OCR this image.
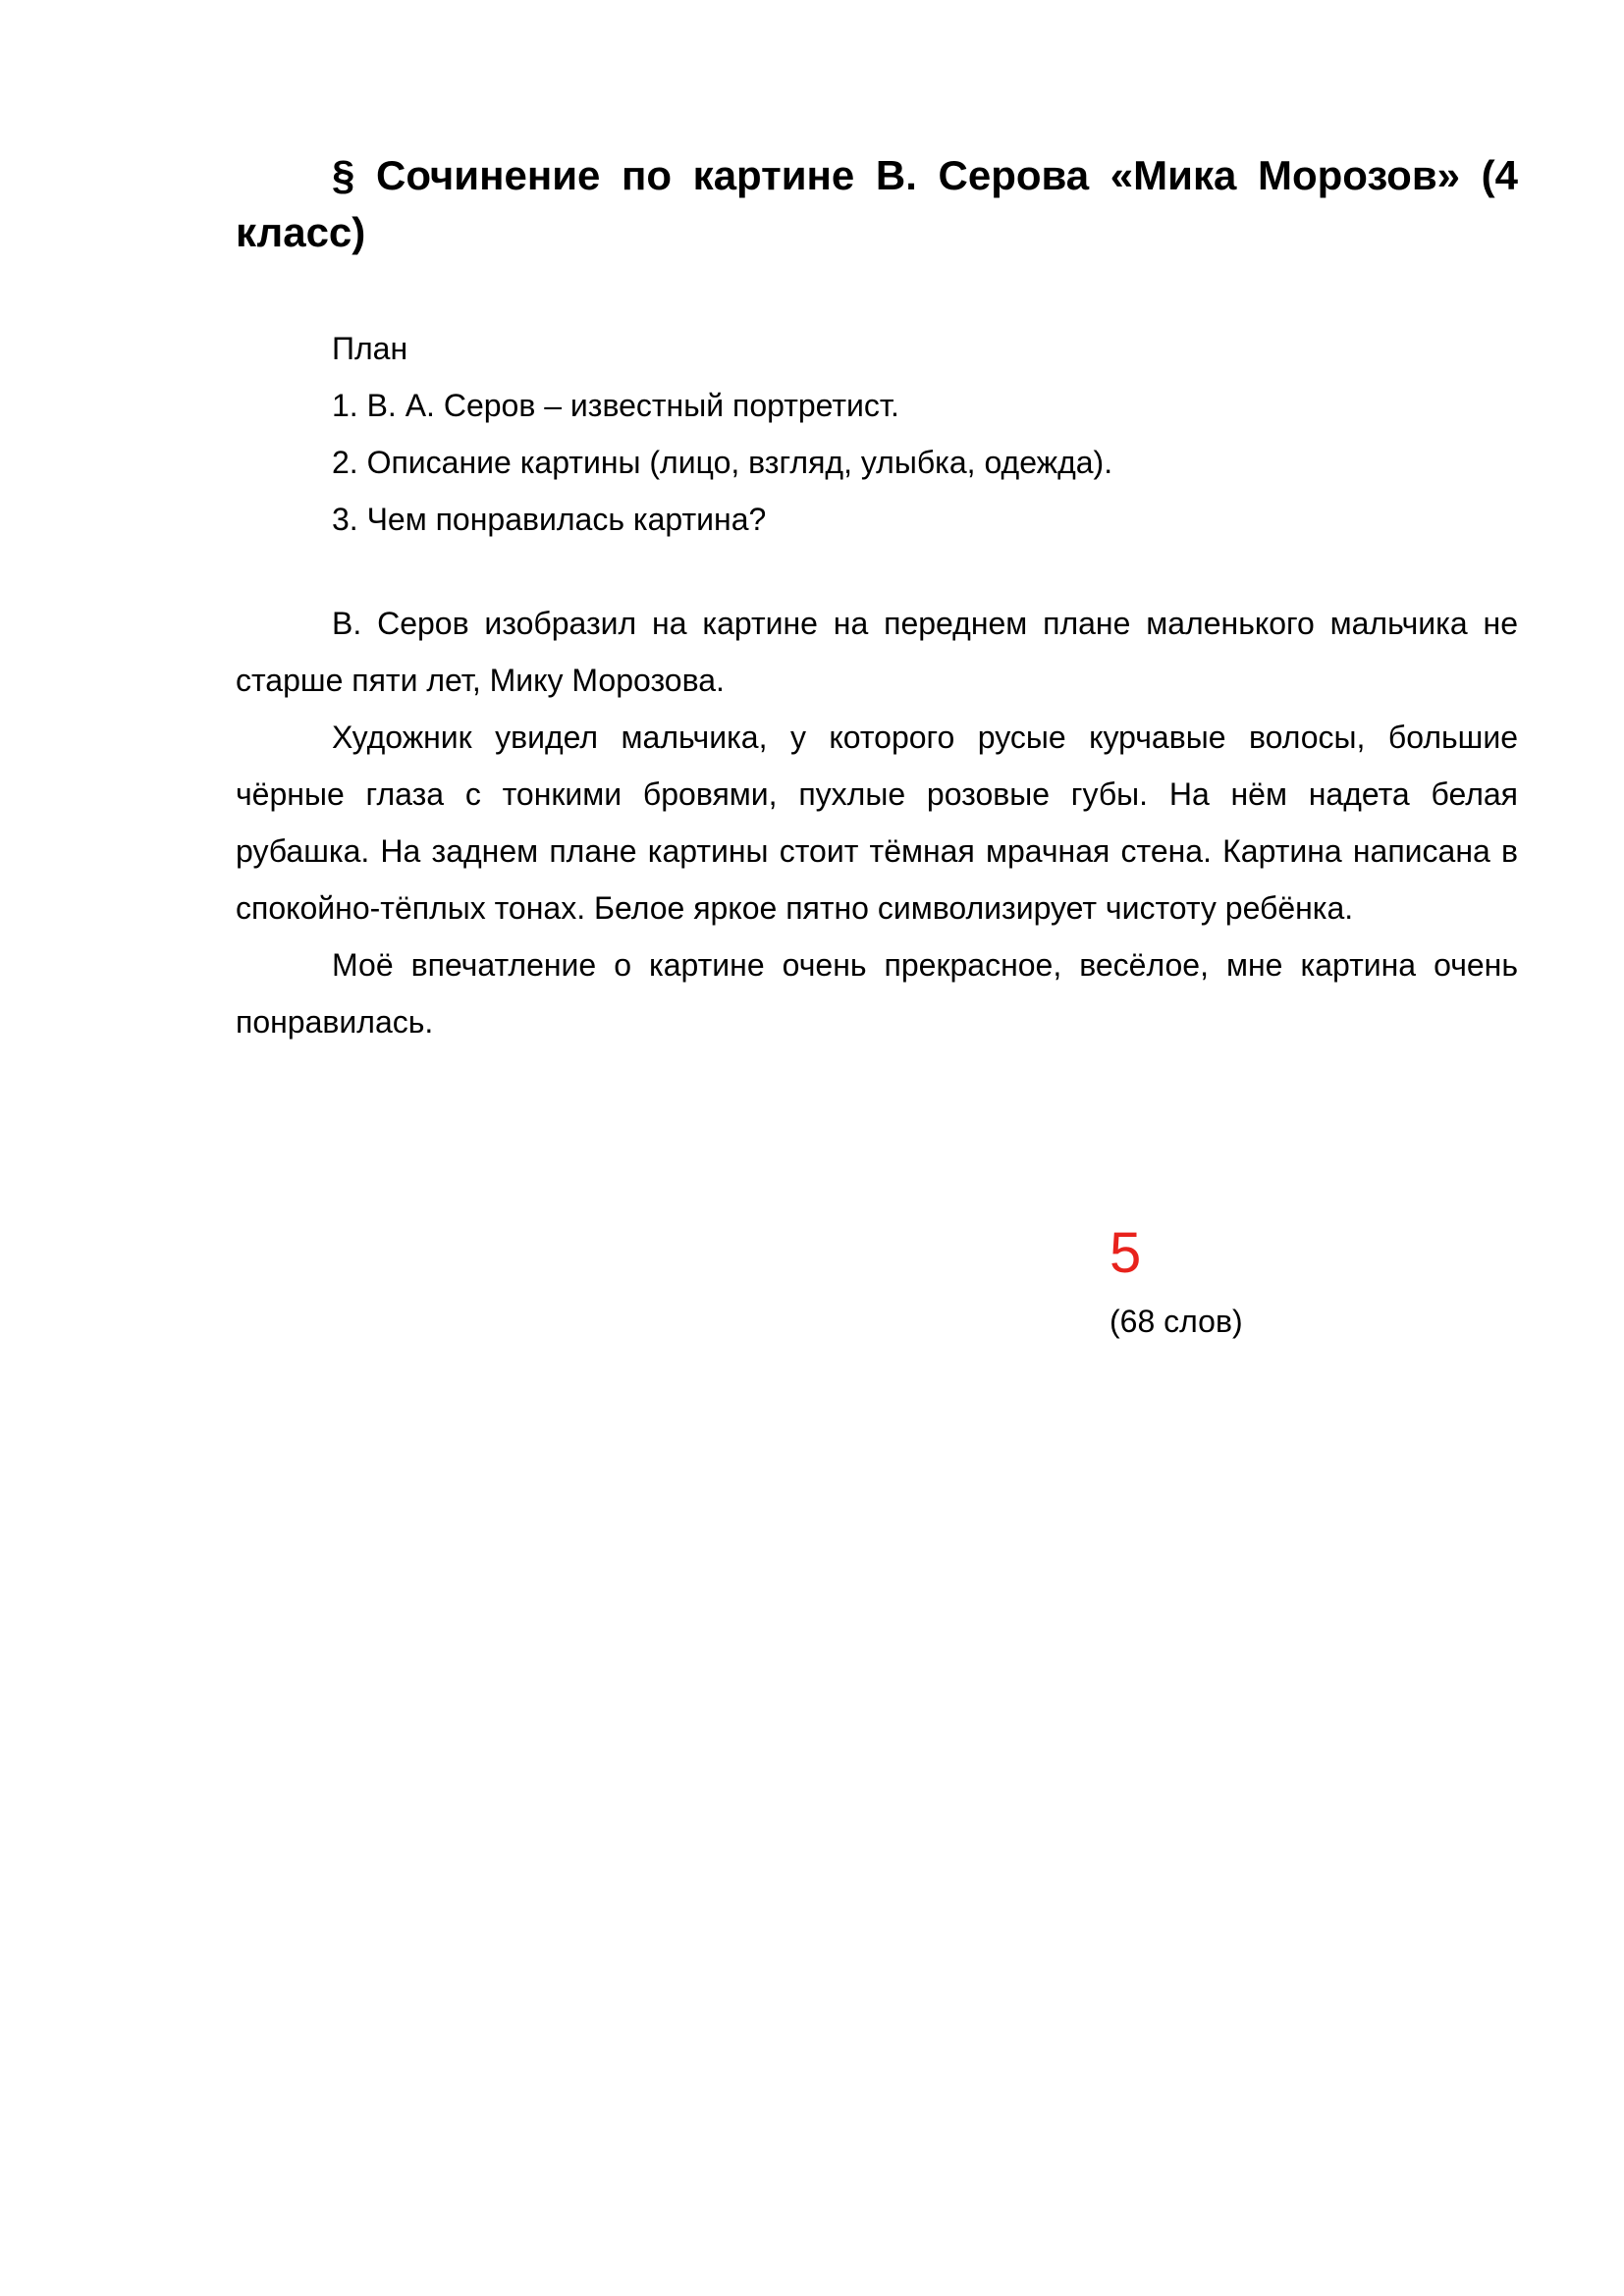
§ Сочинение по картине В. Серова «Мика Морозов» (4 класс)

План

1. В. А. Серов – известный портретист.

2. Описание картины (лицо, взгляд, улыбка, одежда).

3. Чем понравилась картина?

В. Серов изобразил на картине на переднем плане маленького мальчика не старше пяти лет, Мику Морозова.

Художник увидел мальчика, у которого русые курчавые волосы, большие чёрные глаза с тонкими бровями, пухлые розовые губы. На нём надета белая рубашка. На заднем плане картины стоит тёмная мрачная стена. Картина написана в спокойно-тёплых тонах. Белое яркое пятно символизирует чистоту ребёнка.

Моё впечатление о картине очень прекрасное, весёлое, мне картина очень понравилась.

5

(68 слов)
